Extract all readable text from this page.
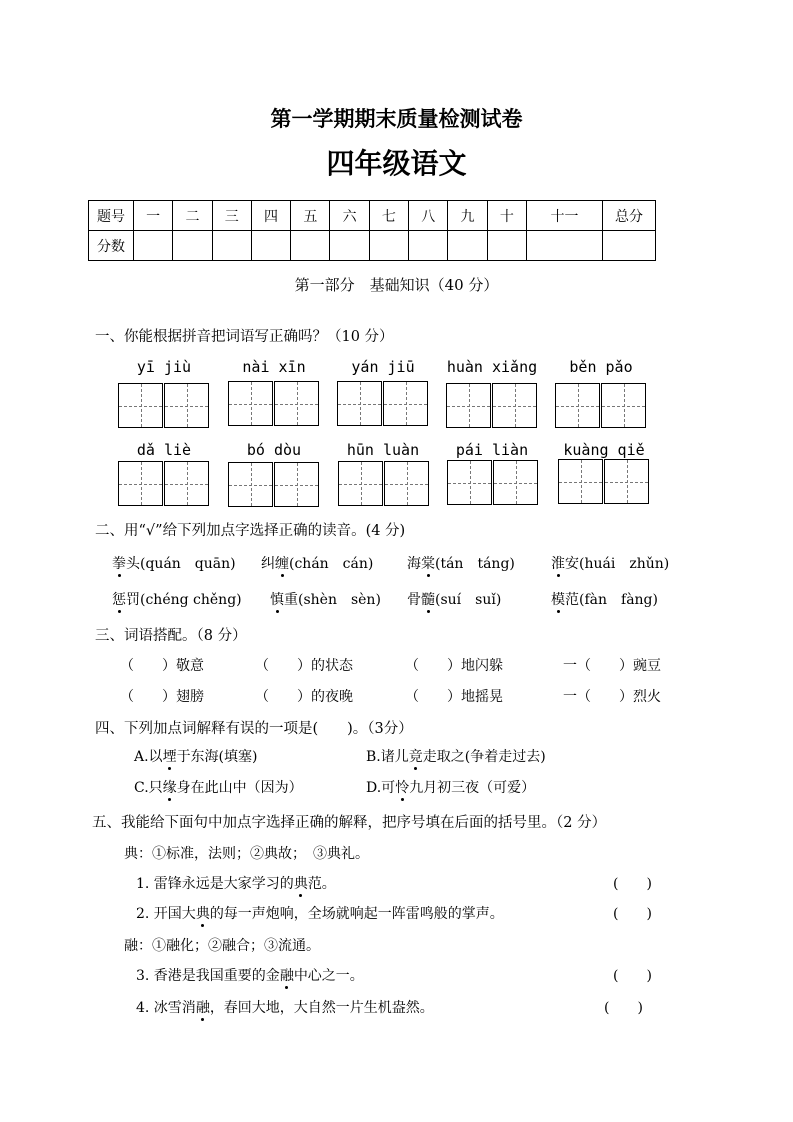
第一学期期末质量检测试卷
四年级语文
题号	一	二	三	四	五	六	七	八	九	十	十一	总分
分数												
第一部分　基础知识（40 分）
一、你能根据拼音把词语写正确吗？（10 分）
yī jiù	nài xīn	yán jiū	huàn xiǎng	běn pǎo
dǎ liè	bó dòu	hūn luàn	pái liàn	kuàng qiě
二、用“√”给下列加点字选择正确的读音。(4 分)
拳头(quán　quān) 纠缠(chán　cán) 海棠(tán　táng)	淮安(huái　zhǔn)
惩罚(chéng chěng) 慎重(shèn　sèn) 骨髓(suí　suǐ)	模范(fàn　fàng)
三、词语搭配。（8 分）
（　　）敬意	（　　）的状态	（　　）地闪躲	一（　　）豌豆
（　　）翅膀	（　　）的夜晚	（　　）地摇晃	一（　　）烈火
四、下列加点词解释有误的一项是(　　)。（3分）
A.以堙于东海(填塞)	B.诸儿竞走取之(争着走过去)
C.只缘身在此山中（因为）	D.可怜九月初三夜（可爱）
五、我能给下面句中加点字选择正确的解释，把序号填在后面的括号里。（2 分）
典：①标准，法则；②典故；　③典礼。
1. 雷锋永远是大家学习的典范。	(　　)
2. 开国大典的每一声炮响，全场就响起一阵雷鸣般的掌声。	(　　)
融：①融化；②融合；③流通。
3. 香港是我国重要的金融中心之一。	(　　)
4. 冰雪消融，春回大地，大自然一片生机盎然。	(　　)
